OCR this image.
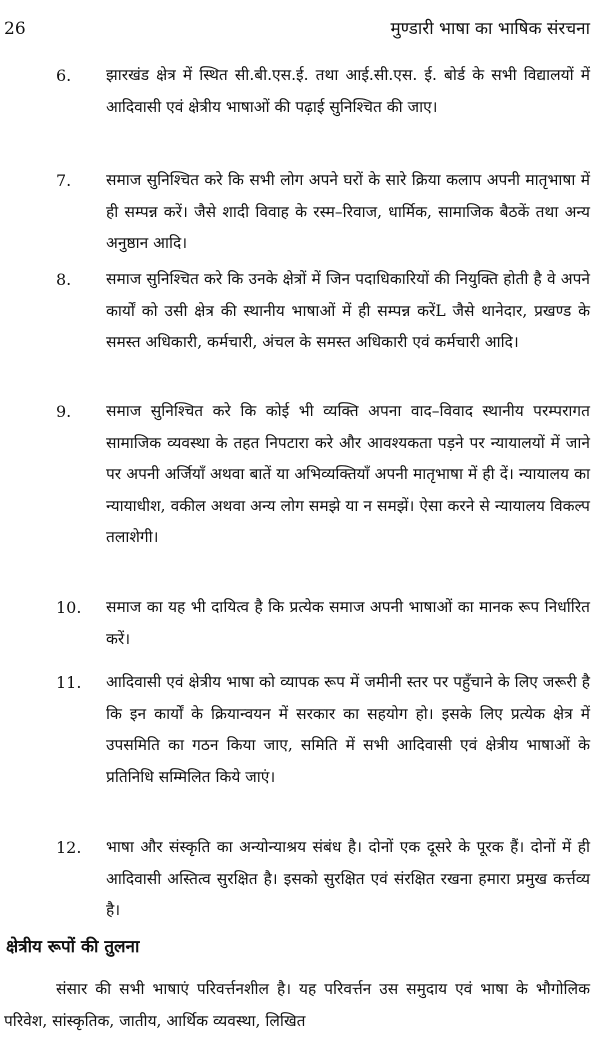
26	मुण्डारी भाषा का भाषिक संरचना
6. झारखंड क्षेत्र में स्थित सी.बी.एस.ई. तथा आई.सी.एस. ई. बोर्ड के सभी विद्यालयों में आदिवासी एवं क्षेत्रीय भाषाओं की पढ़ाई सुनिश्चित की जाए।
7. समाज सुनिश्चित करे कि सभी लोग अपने घरों के सारे क्रिया कलाप अपनी मातृभाषा में ही सम्पन्न करें। जैसे शादी विवाह के रस्म–रिवाज, धार्मिक, सामाजिक बैठकें तथा अन्य अनुष्ठान आदि।
8. समाज सुनिश्चित करे कि उनके क्षेत्रों में जिन पदाधिकारियों की नियुक्ति होती है वे अपने कार्यों को उसी क्षेत्र की स्थानीय भाषाओं में ही सम्पन्न करेंL जैसे थानेदार, प्रखण्ड के समस्त अधिकारी, कर्मचारी, अंचल के समस्त अधिकारी एवं कर्मचारी आदि।
9. समाज सुनिश्चित करे कि कोई भी व्यक्ति अपना वाद–विवाद स्थानीय परम्परागत सामाजिक व्यवस्था के तहत निपटारा करे और आवश्यकता पड़ने पर न्यायालयों में जाने पर अपनी अर्जियाँ अथवा बातें या अभिव्यक्तियाँ अपनी मातृभाषा में ही दें। न्यायालय का न्यायाधीश, वकील अथवा अन्य लोग समझे या न समझें। ऐसा करने से न्यायालय विकल्प तलाशेगी।
10. समाज का यह भी दायित्व है कि प्रत्येक समाज अपनी भाषाओं का मानक रूप निर्धारित करें।
11. आदिवासी एवं क्षेत्रीय भाषा को व्यापक रूप में जमीनी स्तर पर पहुँचाने के लिए जरूरी है कि इन कार्यों के क्रियान्वयन में सरकार का सहयोग हो। इसके लिए प्रत्येक क्षेत्र में उपसमिति का गठन किया जाए, समिति में सभी आदिवासी एवं क्षेत्रीय भाषाओं के प्रतिनिधि सम्मिलित किये जाएं।
12. भाषा और संस्कृति का अन्योन्याश्रय संबंध है। दोनों एक दूसरे के पूरक हैं। दोनों में ही आदिवासी अस्तित्व सुरक्षित है। इसको सुरक्षित एवं संरक्षित रखना हमारा प्रमुख कर्त्तव्य है।
क्षेत्रीय रूपों की तुलना
संसार की सभी भाषाएं परिवर्त्तनशील है। यह परिवर्त्तन उस समुदाय एवं भाषा के भौगोलिक परिवेश, सांस्कृतिक, जातीय, आर्थिक व्यवस्था, लिखित
